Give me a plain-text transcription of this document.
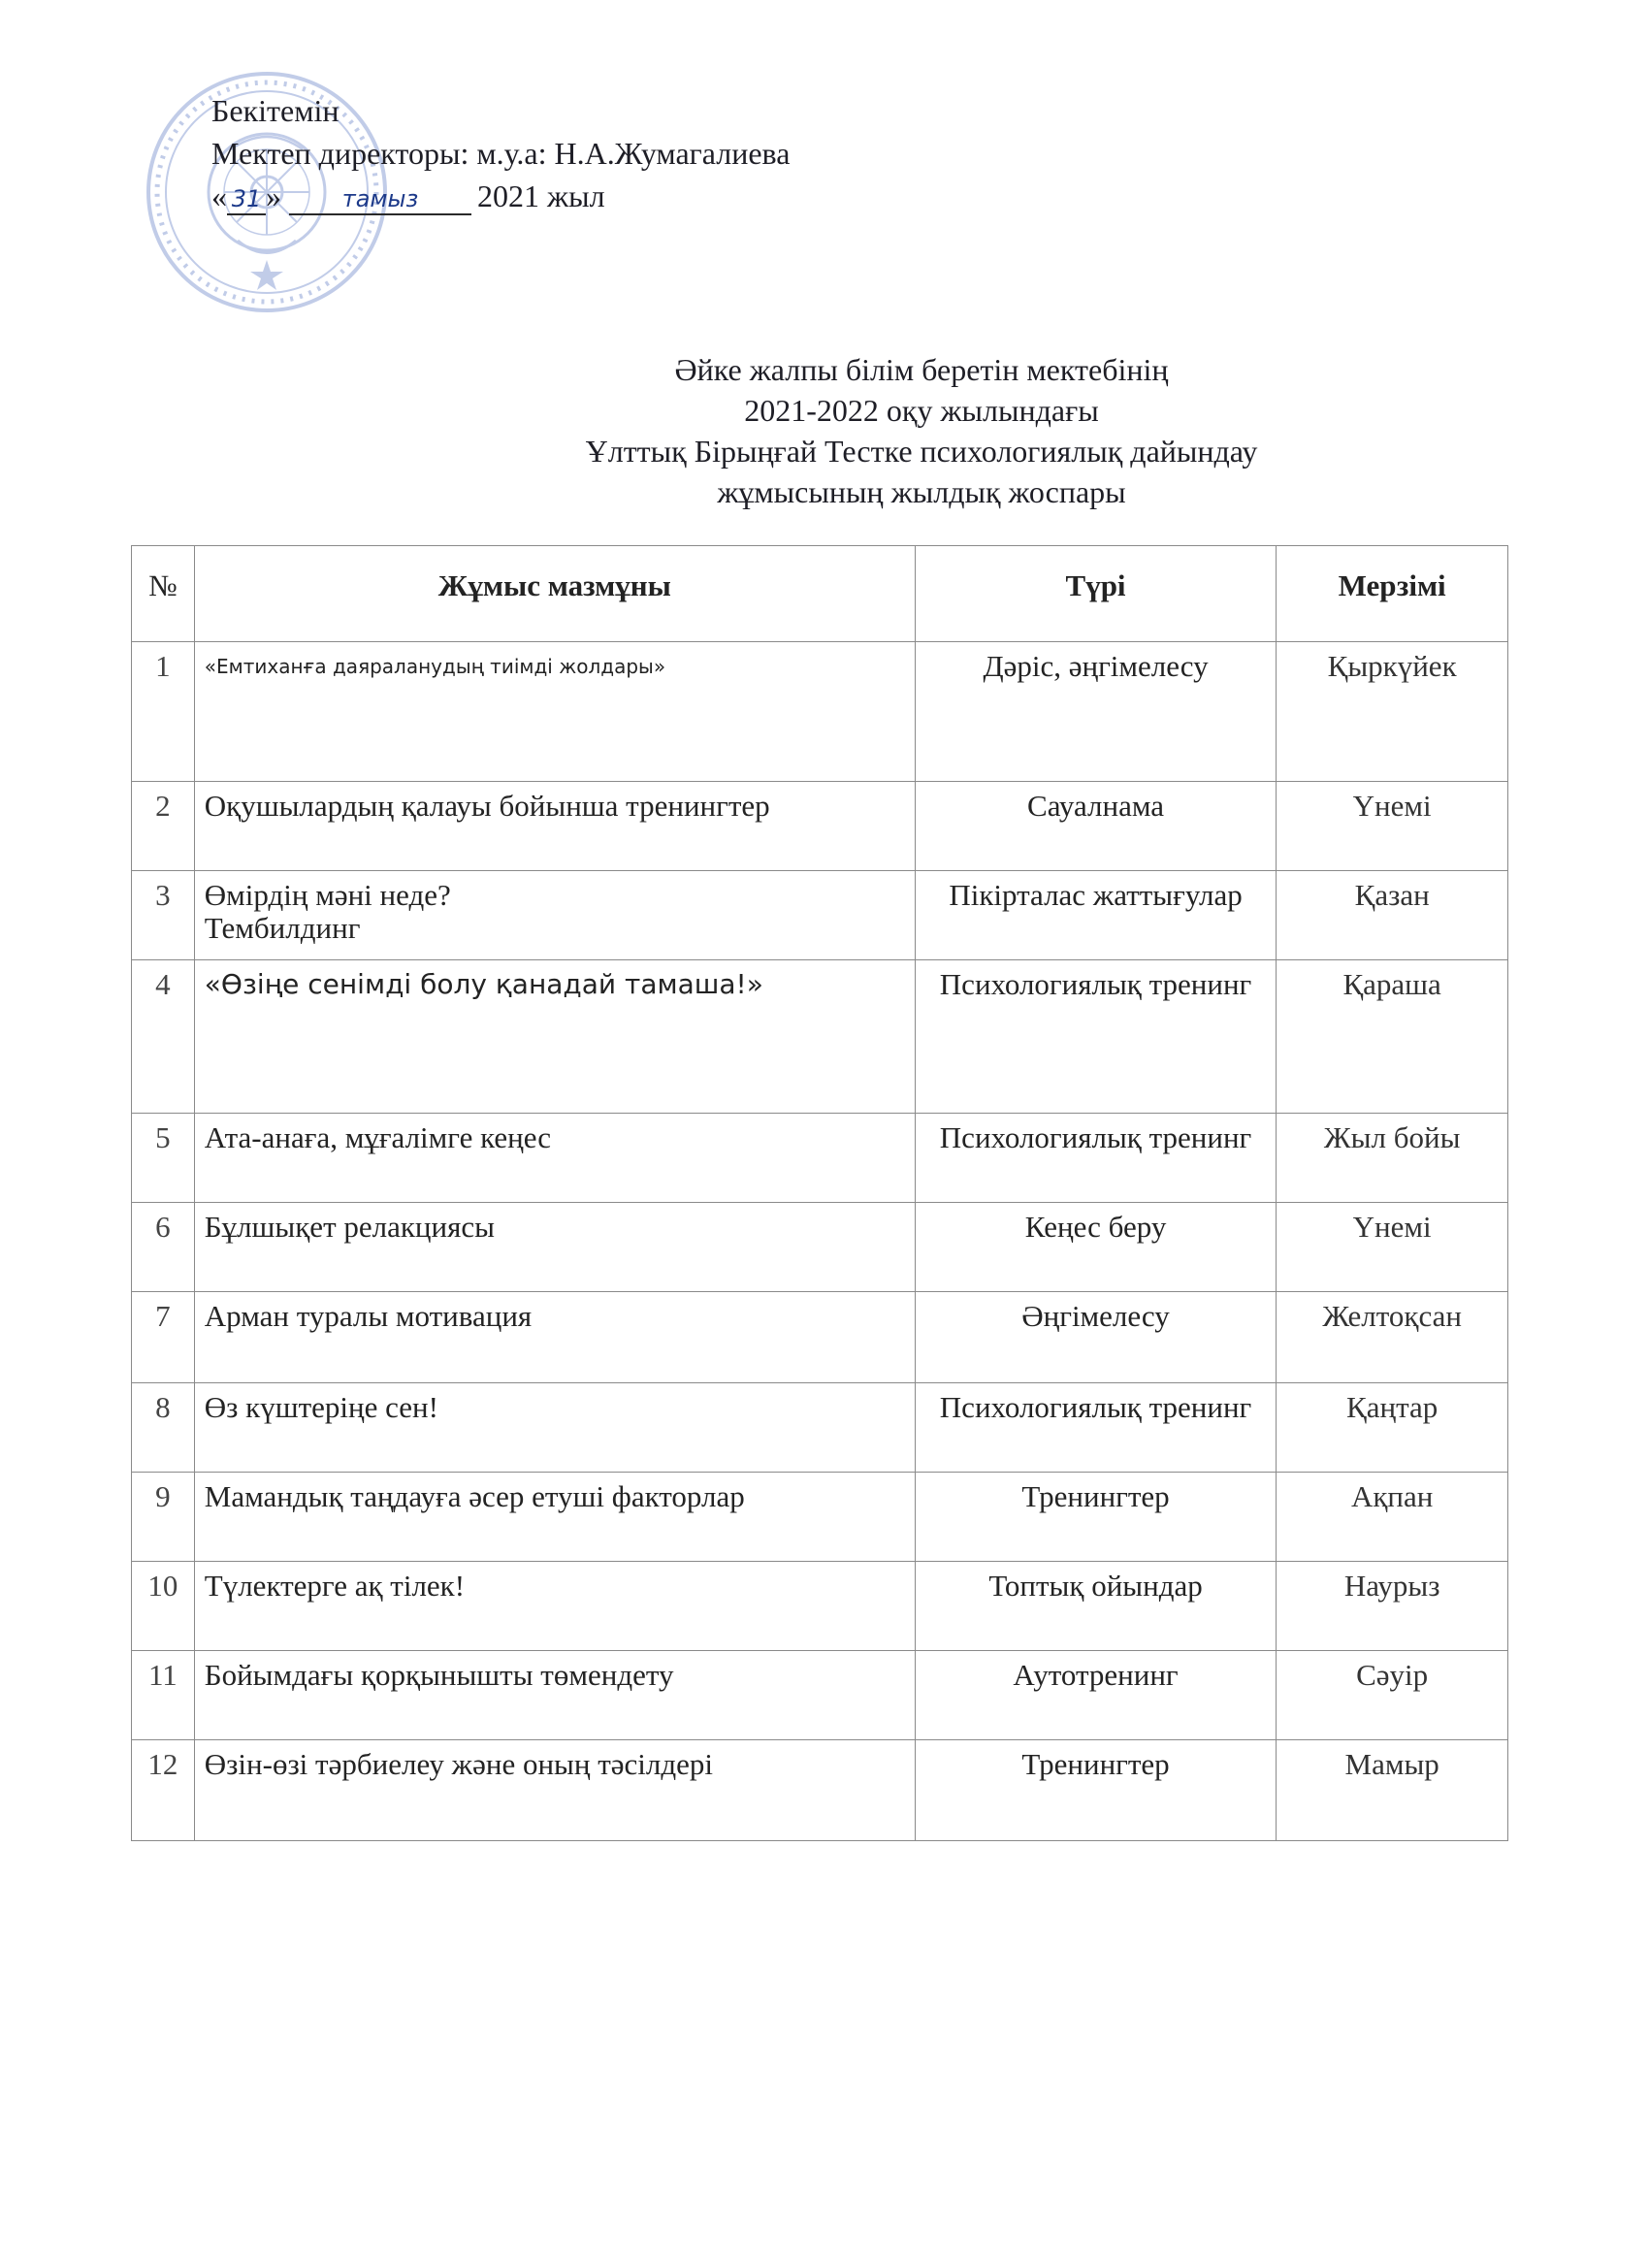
Бекітемін
Мектеп директоры: м.у.а: Н.А.Жумагалиева
« 31 »	тамыз 2021 жыл
Әйке жалпы білім беретін мектебінің
2021-2022 оқу жылындағы
Ұлттық Бірыңғай Тестке психологиялық дайындау
жұмысының жылдық жоспары
№	Жұмыс мазмұны	Түрі	Мерзімі
1	«Емтиханға даяраланудың тиімді жолдары»	Дәріс, әңгімелесу	Қыркүйек
2	Оқушылардың қалауы бойынша тренингтер	Сауалнама	Үнемі
3	Өмірдің мәні неде?
Тембилдинг	Пікірталас жаттығулар	Қазан
4	«Өзіңе сенімді болу қанадай тамаша!»	Психологиялық тренинг	Қараша
5	Ата-анаға, мұғалімге кеңес	Психологиялық тренинг	Жыл бойы
6	Бұлшықет релакциясы	Кеңес беру	Үнемі
7	Арман туралы мотивация	Әңгімелесу	Желтоқсан
8	Өз күштеріңе сен!	Психологиялық тренинг	Қаңтар
9	Мамандық таңдауға әсер етуші факторлар	Тренингтер	Ақпан
10	Түлектерге ақ тілек!	Топтық ойындар	Наурыз
11	Бойымдағы қорқынышты төмендету	Аутотренинг	Сәуір
12	Өзін-өзі тәрбиелеу және оның тәсілдері	Тренингтер	Мамыр
